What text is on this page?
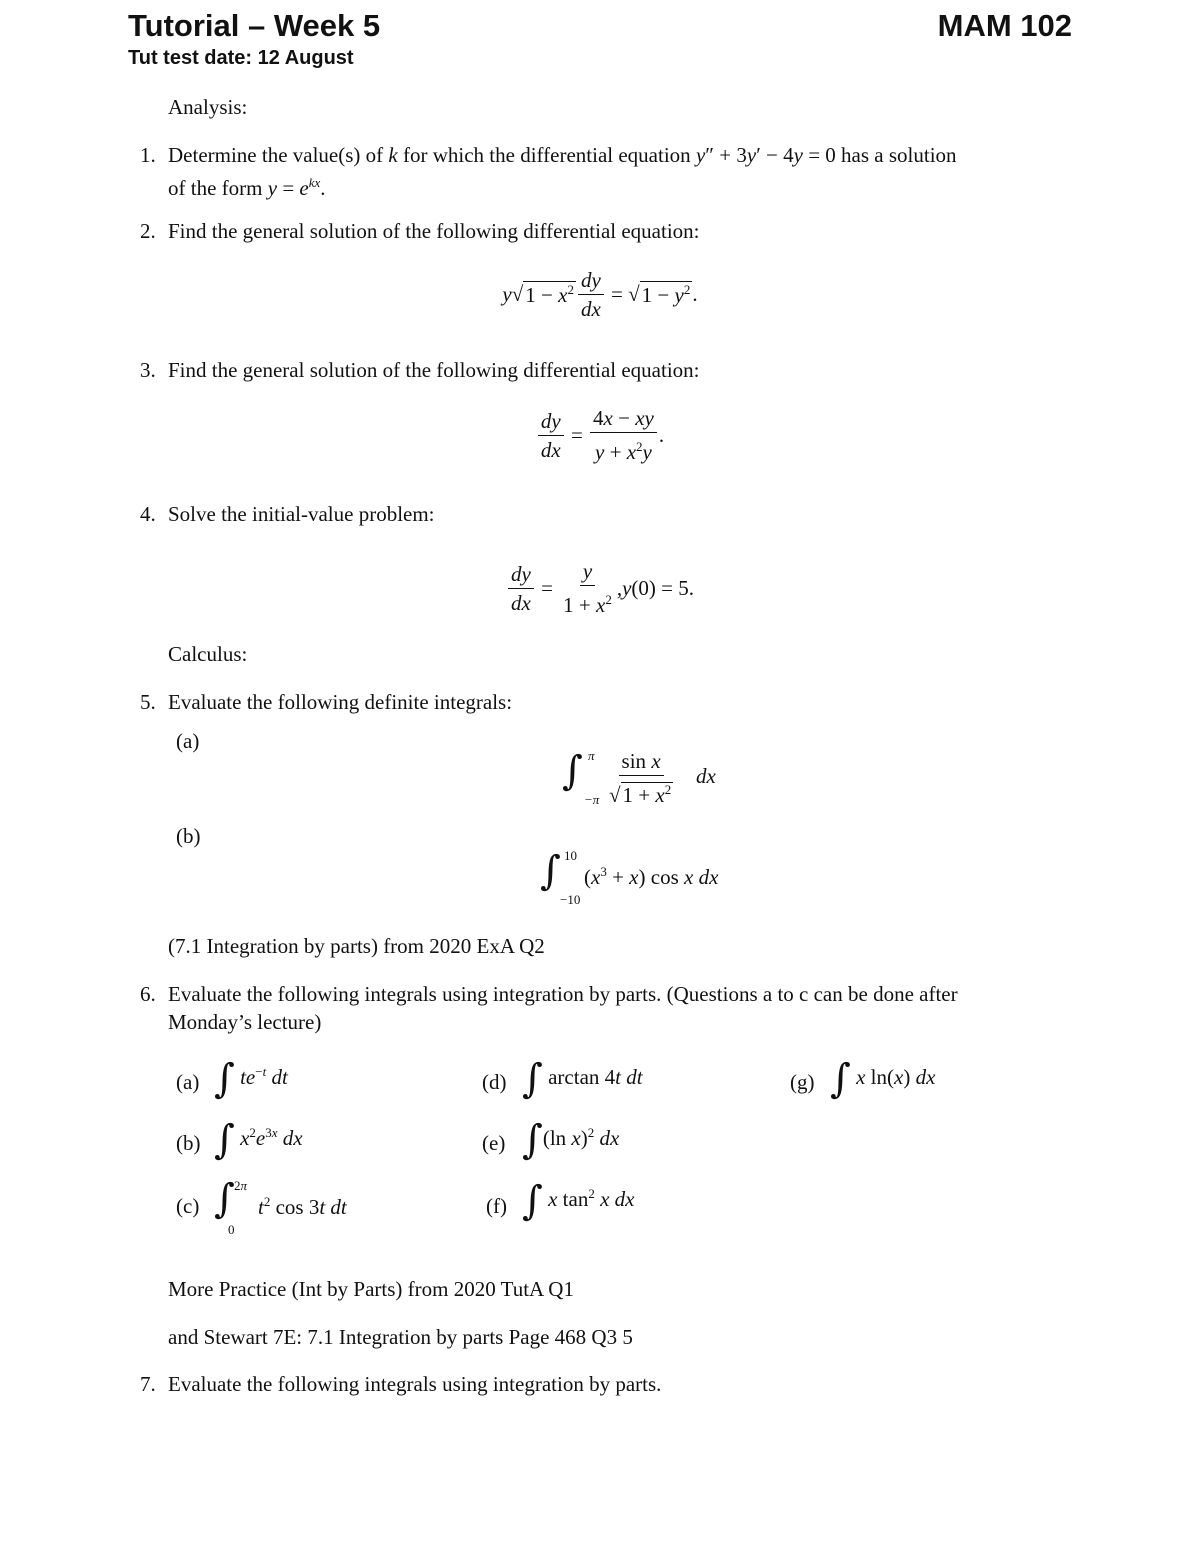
Tutorial – Week 5	MAM 102
Tut test date: 12 August
Analysis:
1. Determine the value(s) of k for which the differential equation y″ + 3y′ − 4y = 0 has a solution
of the form $y = e^{kx}$.
2. Find the general solution of the following differential equation:
y √ $1 - x^2 \frac{dy}{dx}$ = √ $1 - y^2$ .
3. Find the general solution of the following differential equation:
$\frac{dy}{dx} = \frac{4x - xy}{y + x^2y}$ .
4. Solve the initial-value problem:
$\frac{dy}{dx} = \frac{y}{1 + x^2}$ , y (0) = 5.
Calculus:
5. Evaluate the following definite integrals:
(a)
∫ π
$-\pi \frac{\text{sin x}}{√1 + x^2}$ dx
(b)
∫ 10
−10
$(x^3 + x)$ cos x dx
(7.1 Integration by parts) from 2020 ExA Q2
6. Evaluate the following integrals using integration by parts. (Questions a to c can be done after
Monday’s lecture)
(a) ∫ $te^{-t}$ dt	(d) ∫ arctan 4t dt	(g) ∫ x ln(x) dx
(b) ∫ $x^2e^{3x}$ dx	(e) ∫(ln x)$^2$ dx
(c) ∫ 2π
0
$t^2$ cos 3t dt	(f) ∫ x $\tan^2 x$ dx
More Practice (Int by Parts) from 2020 TutA Q1
and Stewart 7E: 7.1 Integration by parts Page 468 Q3 5
7. Evaluate the following integrals using integration by parts.
